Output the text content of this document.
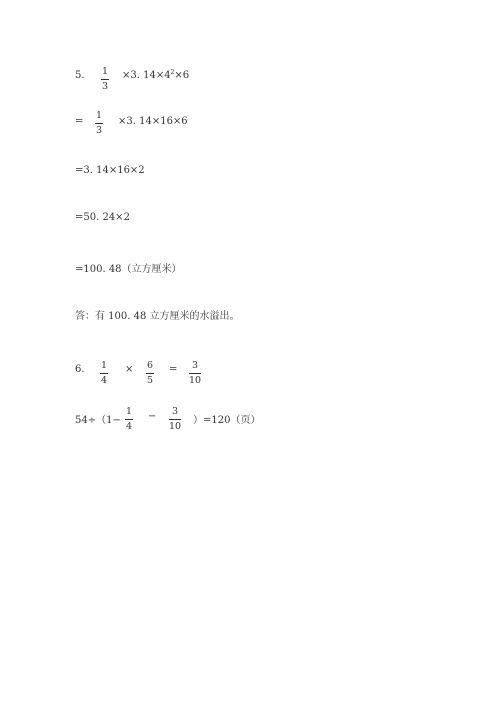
5. 1
3
×3. $14\times 4^2\times 6$
=
1
3
×3. 14×16×6
=3. 14×16×2
=50. 24×2
=100. 48（立方厘米）
答：有 100. 48 立方厘米的水溢出。
6. 1
4
× 6
5
=	3
10
54÷（1−
1
4
−	3
10 ）=120（页）
